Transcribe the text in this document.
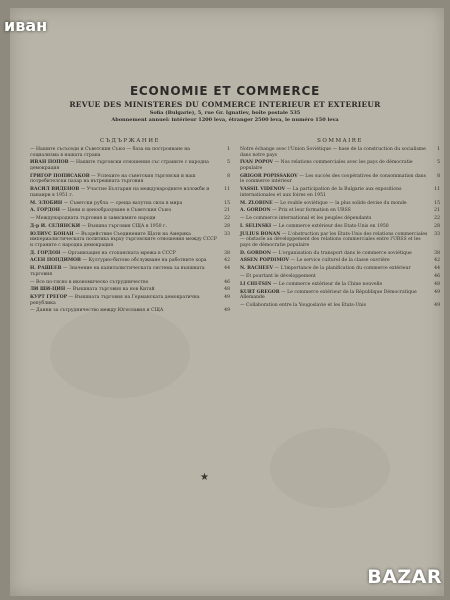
иван
ECONOMIE ET COMMERCE
REVUE DES MINISTERES DU COMMERCE INTERIEUR ET EXTERIEUR
Sofia (Bulgarie), 5, rue Gr. Ignatiev, boîte postale 535
Abonnement annuel: intérieur 1200 leva, étranger 2500 leva, le numéro 150 leva
СЪДЪРЖАНИЕ
— Нашите съсъседи и Съветския Съюз — база на построяване на социализма в нашата страна
1
ИВАН ПОПОВ — Нашите търговски отношения със страните с народна демокрация
5
ГРИГОР ПОПИСАКОВ — Успехите на съветския търговски и наш потребителски пазар на вътрешната търговия
8
ВАСИЛ ВИДЕНОВ — Участие България на международните изложби и панаири в 1951 г.
11
М. ЗЛОБИН — Съветски рубла — среща валутна сила в мира	15
А. ГОРДОН — Цени и ценообразуване в Съветския Съюз	21
— Международната търговия и зависимите народи	22
Д-р И. СЕЛЯНСКИ — Външна търговия СЩА в 1950 г.	28
ЮЛИУС БОНАН — Въздействие Съединените Щати на Америка империалистическата политика върху търговските отношения между СССР и страните с народна демокрация
33
Д. ГОРДОН — Организация на стопанската мрежа в СССР	38
АСЕН ПОПДИМОВ — Културно-битово обслужване на работните хора	42
Н. РАШЕЕВ — Значение на капиталистическата система за външната търговия
44
— Все по-тясно в икономическо сътрудничество	46
ЛИ ШИ-ЦИН — Външната търговия на нов Китай	48
КУРТ ГРЕГОР — Външната търговия на Германската демократична република
49
— Данни за сътрудничество между Югославия и СЩА	49
SOMMAIRE
Notre échange avec l'Union Soviétique — base de la construction du socialisme dans notre pays
1
IVAN POPOV — Nos relations commerciales avec les pays de démocratie populaire
5
GRIGOR POPISSAKOV — Les succès des coopératives de consommation dans le commerce intérieur
8
VASSIL VIDENOV — La participation de la Bulgarie aux expositions internationales et aux foires en 1951
11
M. ZLOBINE — Le rouble soviétique — la plus solide devise du monde	15
A. GORDON — Prix et leur formation en URSS	21
— Le commerce international et les peuples dépendants	22
I. SELINSKI — Le commerce extérieur des Etats-Unis en 1950	28
JULIUS BONAN — L'obstruction par les Etats-Unis des relations commerciales — obstacle au développement des relations commerciales entre l'URSS et les pays de démocratie populaire
33
D. GORDON — L'organisation du transport dans le commerce soviétique	38
ASSEN POPDIMOV — Le service culturel de la classe ouvrière	42
N. RACHEEV — L'importance de la planification du commerce extérieur	44
— Et pourtant le développement	46
LI CHI-TSIN — Le commerce extérieur de la Chine nouvelle	48
KURT GREGOR — Le commerce extérieur de la République Démocratique Allemande
49
— Collaboration entre la Yougoslavie et les Etats-Unis	49
★
BAZAR
